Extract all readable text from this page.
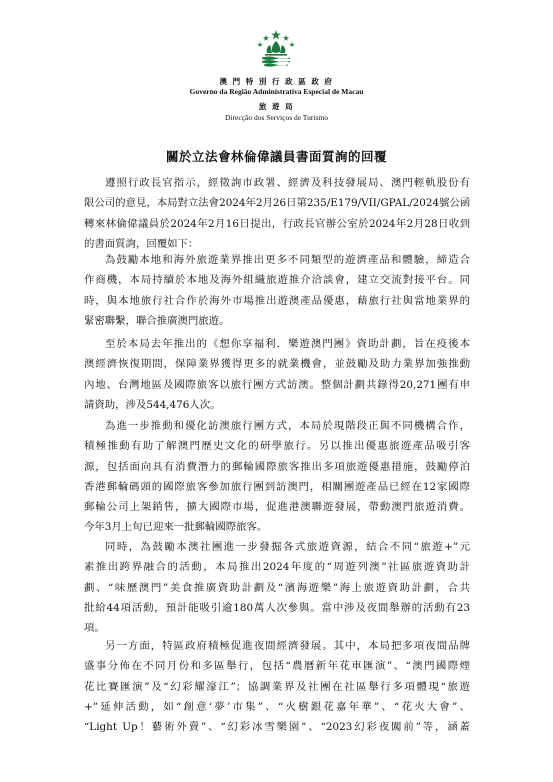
澳 門 特 別 行 政 區 政 府
Governo da Região Administrativa Especial de Macau
旅 遊 局
Direcção dos Serviços de Turismo
關於立法會林倫偉議員書面質詢的回覆
遵照行政長官指示，經徵詢市政署、經濟及科技發展局、澳門輕軌股份有
限公司的意見，本局對立法會2024年2月26日第235/E179/VII/GPAL/2024號公函
轉來林倫偉議員於2024年2月16日提出，行政長官辦公室於2024年2月28日收到
的書面質詢，回覆如下：
為鼓勵本地和海外旅遊業界推出更多不同類型的遊濟產品和體驗，締造合
作商機，本局持續於本地及海外組織旅遊推介洽談會，建立交流對接平台。同
時，與本地旅行社合作於海外市場推出遊澳產品優惠，藉旅行社與當地業界的
緊密聯繫，聯合推廣澳門旅遊。
至於本局去年推出的《想你享福利．樂遊澳門團》資助計劃，旨在疫後本
澳經濟恢復期間，保障業界獲得更多的就業機會，並鼓勵及助力業界加強推動
內地、台灣地區及國際旅客以旅行團方式訪澳。整個計劃共錄得20,271團有申
請資助，涉及544,476人次。
為進一步推動和優化訪澳旅行團方式，本局於現階段正與不同機構合作，
積極推動有助了解澳門歷史文化的研學旅行。另以推出優惠旅遊產品吸引客
源，包括面向具有消費潛力的郵輪國際旅客推出多項旅遊優惠措施，鼓勵停泊
香港郵輪碼頭的國際旅客參加旅行團到訪澳門，相關團遊產品已經在12家國際
郵輪公司上架銷售，擴大國際市場，促進港澳聯遊發展，帶動澳門旅遊消費。
今年3月上旬已迎來一批郵輪國際旅客。
同時，為鼓勵本澳社團進一步發掘各式旅遊資源，結合不同“旅遊+”元
素推出跨界融合的活動，本局推出2024年度的“周遊列澳”社區旅遊資助計
劃、“味歷澳門”美食推廣資助計劃及“濱海遊樂”海上旅遊資助計劃，合共
批給44項活動，預計能吸引逾180萬人次參與。當中涉及夜間舉辦的活動有23
項。
另一方面，特區政府積極促進夜間經濟發展。其中，本局把多項夜間品牌
盛事分佈在不同月份和多區舉行，包括“農曆新年花車匯演”、“澳門國際煙
花比賽匯演”及“幻彩耀濠江”；協調業界及社團在社區舉行多項體現“旅遊
+”延伸活動，如“創意‘夢’市集”、“火樹銀花嘉年華”、“花火大會”、
“Light Up！藝術外賣”、“幻彩冰雪樂園”、“2023幻彩夜闖前”等，涵蓋
